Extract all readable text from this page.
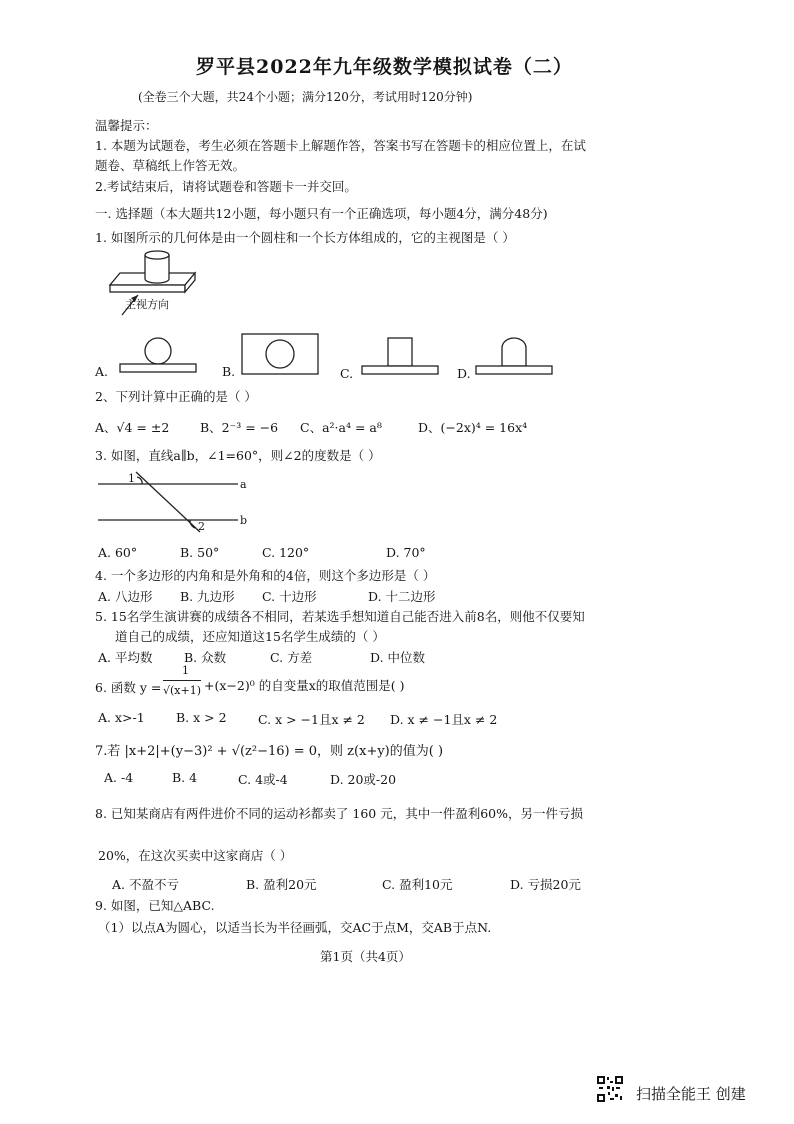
罗平县2022年九年级数学模拟试卷（二）
(全卷三个大题，共24个小题；满分120分，考试用时120分钟)
温馨提示：
1. 本题为试题卷，考生必须在答题卡上解题作答，答案书写在答题卡的相应位置上，在试
题卷、草稿纸上作答无效。
2.考试结束后，请将试题卷和答题卡一并交回。
一. 选择题（本大题共12小题，每小题只有一个正确选项，每小题4分，满分48分)
1. 如图所示的几何体是由一个圆柱和一个长方体组成的，它的主视图是（ ）
主视方向
A.	B.	C.	D.
2、下列计算中正确的是（ ）
A、√4 = ±2 B、2⁻³ = −6 C、a²·a⁴ = a⁸	D、(−2x)⁴ = 16x⁴
3. 如图，直线a∥b，∠1=60°，则∠2的度数是（ ）
a
b
1
2
A. 60°	B. 50°	C. 120°	D. 70°
4. 一个多边形的内角和是外角和的4倍，则这个多边形是（ ）
A. 八边形 B. 九边形 C. 十边形	D. 十二边形
5. 15名学生演讲赛的成绩各不相同，若某选手想知道自己能否进入前8名，则他不仅要知
道自己的成绩，还应知道这15名学生成绩的（ ）
A. 平均数	B. 众数	C. 方差	D. 中位数
6. 函数 y =
1
√(x+1) +(x−2)⁰ 的自变量x的取值范围是( )
A. x>-1	B. x > 2	C. x > −1且x ≠ 2 D. x ≠ −1且x ≠ 2
7.若 |x+2|+(y−3)² + √(z²−16) = 0，则 z(x+y)的值为( )
A. -4	B. 4	C. 4或-4	D. 20或-20
8. 已知某商店有两件进价不同的运动衫都卖了 160 元，其中一件盈利60%，另一件亏损
20%，在这次买卖中这家商店（ ）
A. 不盈不亏	B. 盈利20元	C. 盈利10元	D. 亏损20元
9. 如图，已知△ABC.
（1）以点A为圆心，以适当长为半径画弧，交AC于点M，交AB于点N.
第1页（共4页）
扫描全能王 创建
